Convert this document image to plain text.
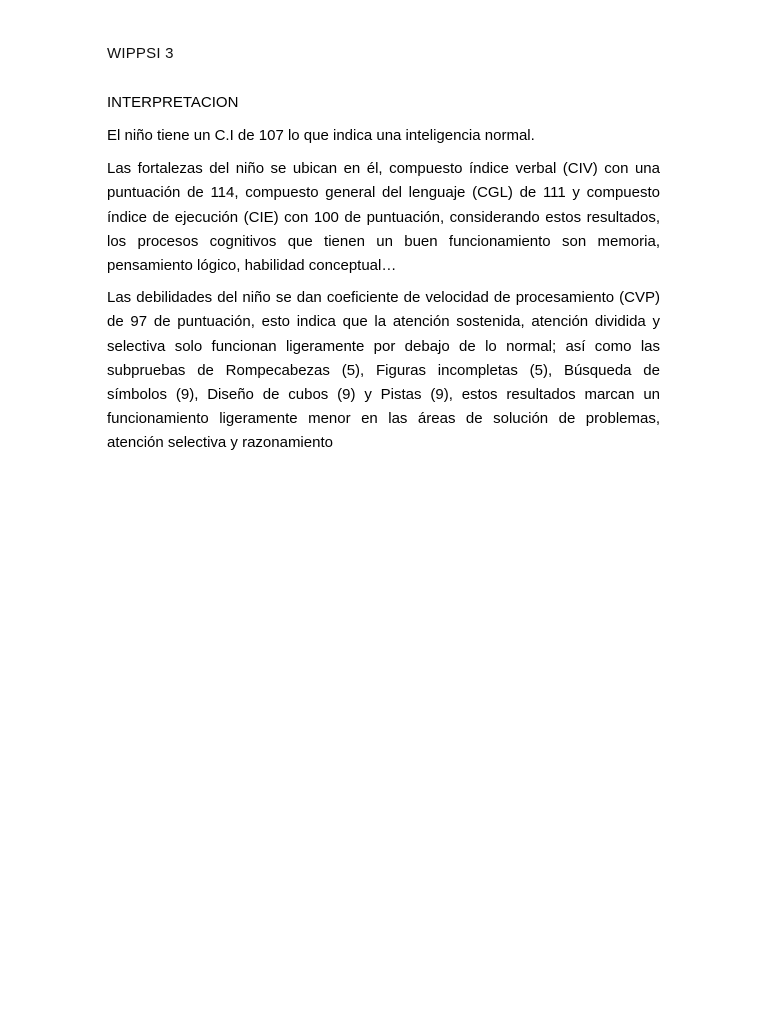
WIPPSI 3
INTERPRETACION

El niño tiene un C.I de 107 lo que indica una inteligencia normal.

Las fortalezas del niño se ubican en él, compuesto índice verbal (CIV) con una puntuación de 114, compuesto general del lenguaje (CGL) de 111 y compuesto índice de ejecución (CIE) con 100 de puntuación, considerando estos resultados, los procesos cognitivos que tienen un buen funcionamiento son memoria, pensamiento lógico, habilidad conceptual…

Las debilidades del niño se dan coeficiente de velocidad de procesamiento (CVP) de 97 de puntuación, esto indica que la atención sostenida, atención dividida y selectiva solo funcionan ligeramente por debajo de lo normal; así como las subpruebas de Rompecabezas (5), Figuras incompletas (5), Búsqueda de símbolos (9), Diseño de cubos (9) y Pistas (9), estos resultados marcan un funcionamiento ligeramente menor en las áreas de solución de problemas, atención selectiva y razonamiento
